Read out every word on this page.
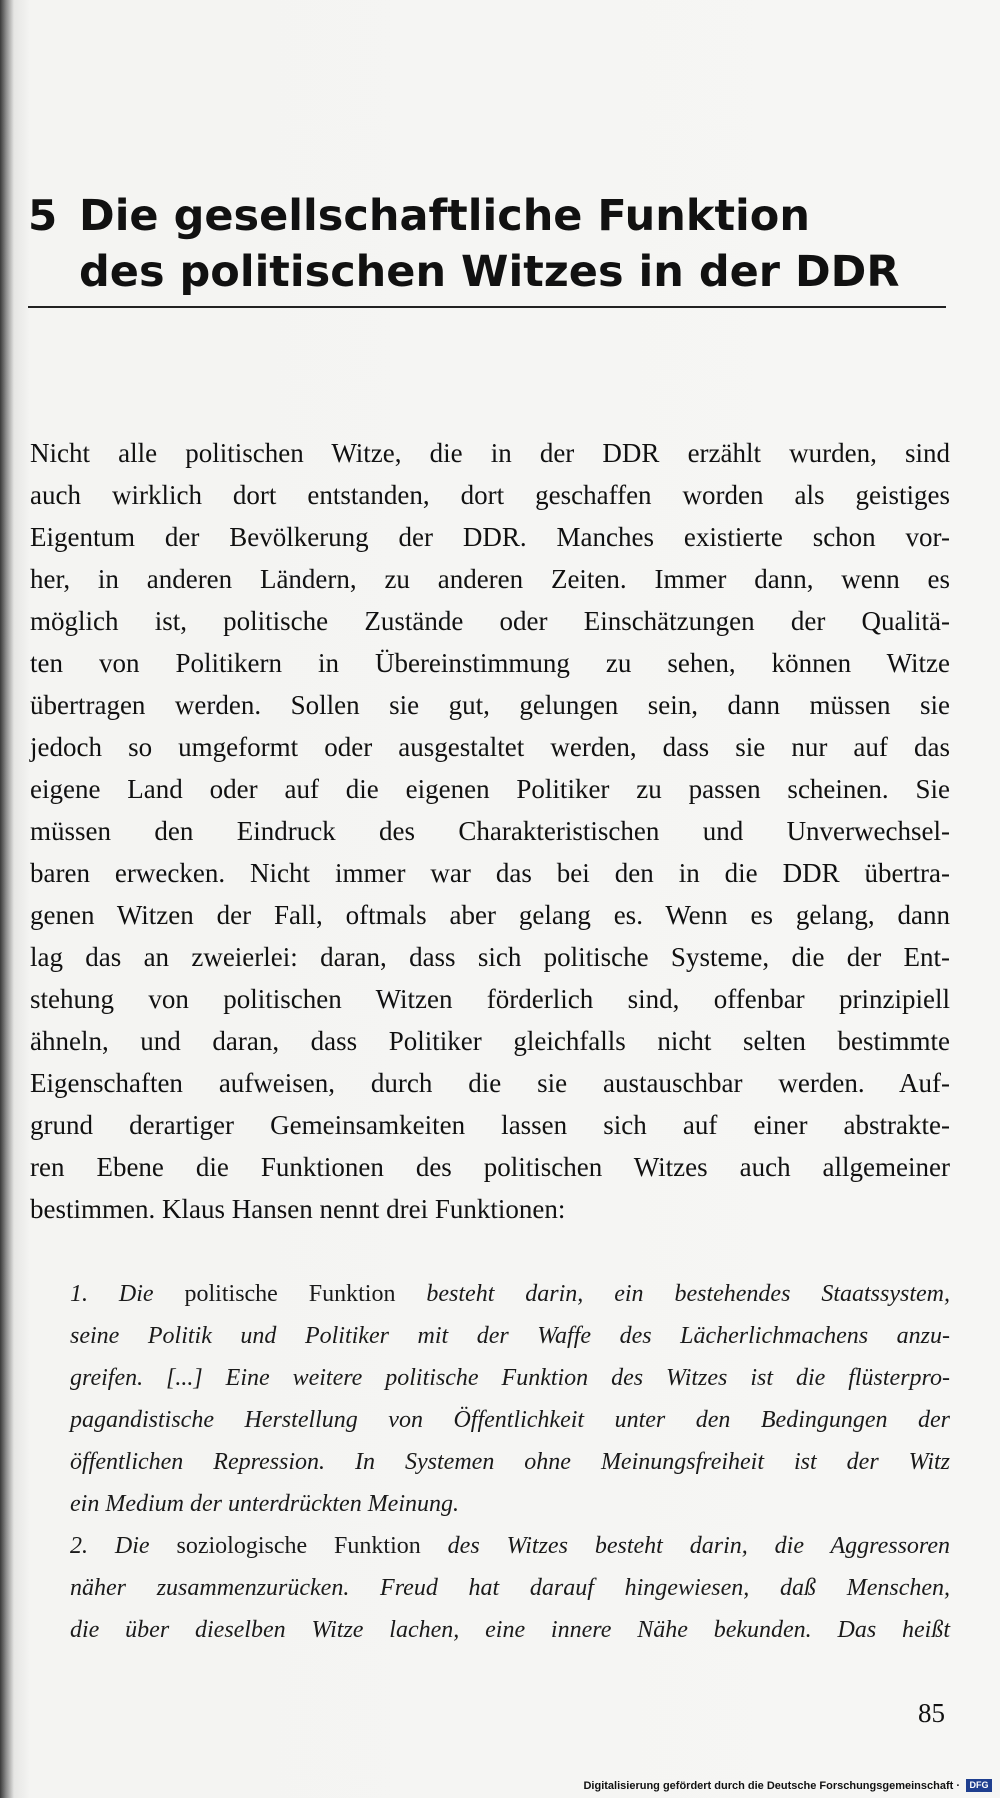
5 Die gesellschaftliche Funktion
des politischen Witzes in der DDR
Nicht alle politischen Witze, die in der DDR erzählt wurden, sind
auch wirklich dort entstanden, dort geschaffen worden als geistiges
Eigentum der Bevölkerung der DDR. Manches existierte schon vor-
her, in anderen Ländern, zu anderen Zeiten. Immer dann, wenn es
möglich ist, politische Zustände oder Einschätzungen der Qualitä-
ten von Politikern in Übereinstimmung zu sehen, können Witze
übertragen werden. Sollen sie gut, gelungen sein, dann müssen sie
jedoch so umgeformt oder ausgestaltet werden, dass sie nur auf das
eigene Land oder auf die eigenen Politiker zu passen scheinen. Sie
müssen den Eindruck des Charakteristischen und Unverwechsel-
baren erwecken. Nicht immer war das bei den in die DDR übertra-
genen Witzen der Fall, oftmals aber gelang es. Wenn es gelang, dann
lag das an zweierlei: daran, dass sich politische Systeme, die der Ent-
stehung von politischen Witzen förderlich sind, offenbar prinzipiell
ähneln, und daran, dass Politiker gleichfalls nicht selten bestimmte
Eigenschaften aufweisen, durch die sie austauschbar werden. Auf-
grund derartiger Gemeinsamkeiten lassen sich auf einer abstrakte-
ren Ebene die Funktionen des politischen Witzes auch allgemeiner
bestimmen. Klaus Hansen nennt drei Funktionen:
1. Die politische Funktion besteht darin, ein bestehendes Staatssystem,
seine Politik und Politiker mit der Waffe des Lächerlichmachens anzu-
greifen. [...] Eine weitere politische Funktion des Witzes ist die flüsterpro-
pagandistische Herstellung von Öffentlichkeit unter den Bedingungen der
öffentlichen Repression. In Systemen ohne Meinungsfreiheit ist der Witz
ein Medium der unterdrückten Meinung.
2. Die soziologische Funktion des Witzes besteht darin, die Aggressoren
näher zusammenzurücken. Freud hat darauf hingewiesen, daß Menschen,
die über dieselben Witze lachen, eine innere Nähe bekunden. Das heißt
85
Digitalisierung gefördert durch die Deutsche Forschungsgemeinschaft ·	DFG
